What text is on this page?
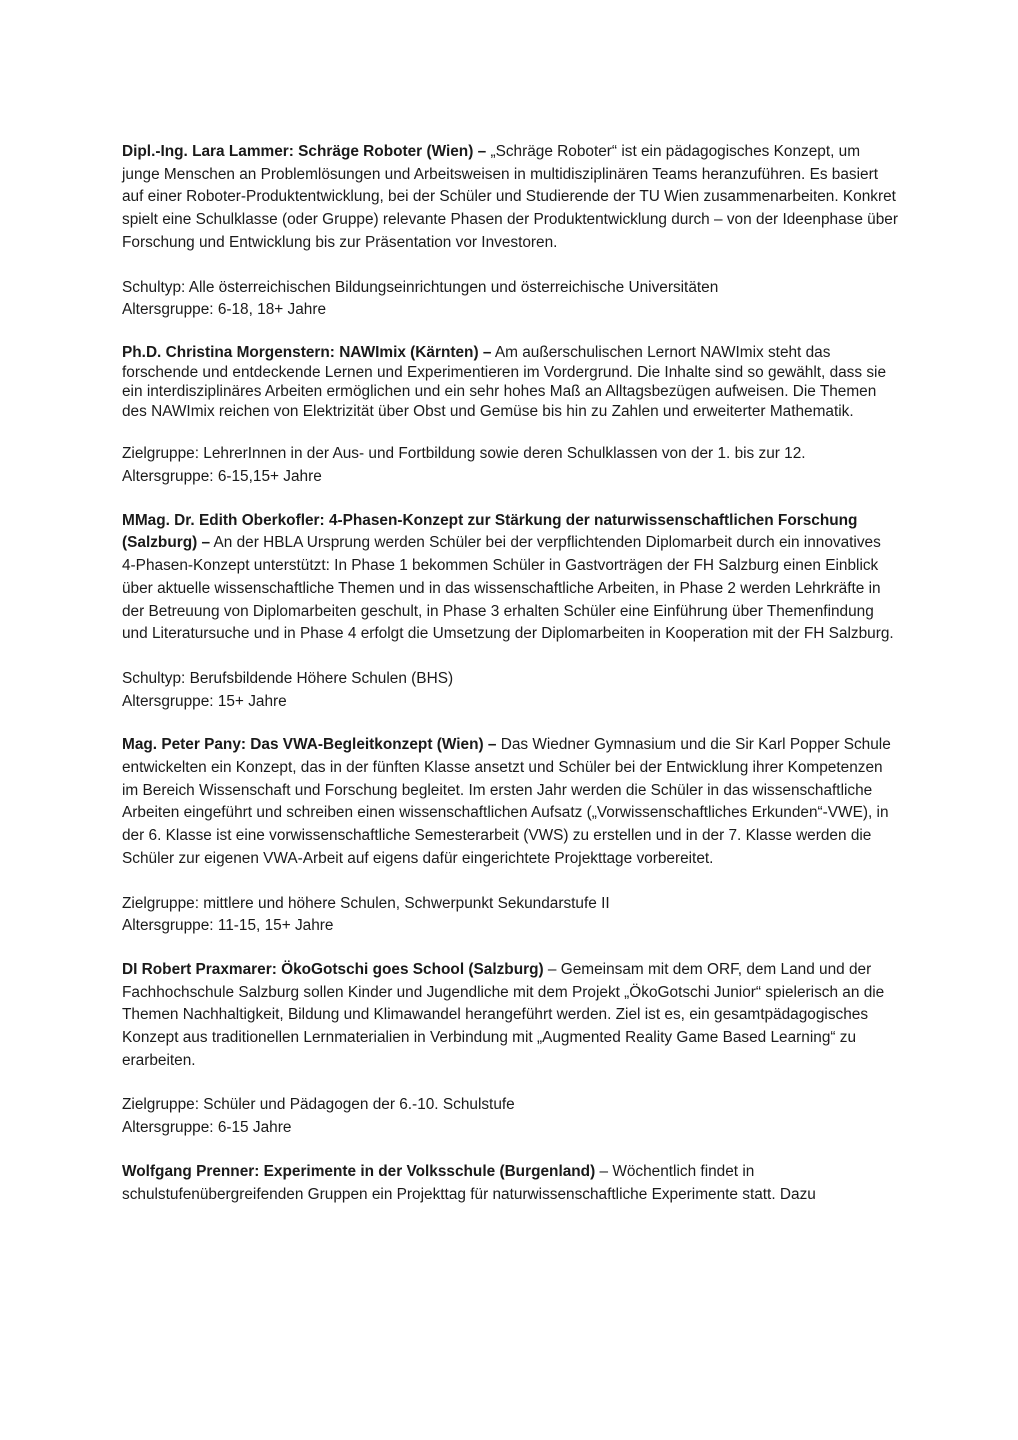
Dipl.-Ing. Lara Lammer: Schräge Roboter (Wien) – „Schräge Roboter“ ist ein pädagogisches Konzept, um junge Menschen an Problemlösungen und Arbeitsweisen in multidisziplinären Teams heranzuführen. Es basiert auf einer Roboter-Produktentwicklung, bei der Schüler und Studierende der TU Wien zusammenarbeiten. Konkret spielt eine Schulklasse (oder Gruppe) relevante Phasen der Produktentwicklung durch – von der Ideenphase über Forschung und Entwicklung bis zur Präsentation vor Investoren.

Schultyp: Alle österreichischen Bildungseinrichtungen und österreichische Universitäten
Altersgruppe: 6-18, 18+ Jahre

Ph.D. Christina Morgenstern: NAWImix (Kärnten) – Am außerschulischen Lernort NAWImix steht das forschende und entdeckende Lernen und Experimentieren im Vordergrund. Die Inhalte sind so gewählt, dass sie ein interdisziplinäres Arbeiten ermöglichen und ein sehr hohes Maß an Alltagsbezügen aufweisen. Die Themen des NAWImix reichen von Elektrizität über Obst und Gemüse bis hin zu Zahlen und erweiterter Mathematik.

Zielgruppe: LehrerInnen in der Aus- und Fortbildung sowie deren Schulklassen von der 1. bis zur 12.
Altersgruppe: 6-15,15+ Jahre

MMag. Dr. Edith Oberkofler: 4-Phasen-Konzept zur Stärkung der naturwissenschaftlichen Forschung (Salzburg) – An der HBLA Ursprung werden Schüler bei der verpflichtenden Diplomarbeit durch ein innovatives 4-Phasen-Konzept unterstützt: In Phase 1 bekommen Schüler in Gastvorträgen der FH Salzburg einen Einblick über aktuelle wissenschaftliche Themen und in das wissenschaftliche Arbeiten, in Phase 2 werden Lehrkräfte in der Betreuung von Diplomarbeiten geschult, in Phase 3 erhalten Schüler eine Einführung über Themenfindung und Literatursuche und in Phase 4 erfolgt die Umsetzung der Diplomarbeiten in Kooperation mit der FH Salzburg.

Schultyp: Berufsbildende Höhere Schulen (BHS)
Altersgruppe: 15+ Jahre

Mag. Peter Pany: Das VWA-Begleitkonzept (Wien) – Das Wiedner Gymnasium und die Sir Karl Popper Schule entwickelten ein Konzept, das in der fünften Klasse ansetzt und Schüler bei der Entwicklung ihrer Kompetenzen im Bereich Wissenschaft und Forschung begleitet. Im ersten Jahr werden die Schüler in das wissenschaftliche Arbeiten eingeführt und schreiben einen wissenschaftlichen Aufsatz („Vorwissenschaftliches Erkunden“-VWE), in der 6. Klasse ist eine vorwissenschaftliche Semesterarbeit (VWS) zu erstellen und in der 7. Klasse werden die Schüler zur eigenen VWA-Arbeit auf eigens dafür eingerichtete Projekttage vorbereitet.

Zielgruppe: mittlere und höhere Schulen, Schwerpunkt Sekundarstufe II
Altersgruppe: 11-15, 15+ Jahre

DI Robert Praxmarer: ÖkoGotschi goes School (Salzburg) – Gemeinsam mit dem ORF, dem Land und der Fachhochschule Salzburg sollen Kinder und Jugendliche mit dem Projekt „ÖkoGotschi Junior“ spielerisch an die Themen Nachhaltigkeit, Bildung und Klimawandel herangeführt werden. Ziel ist es, ein gesamtpädagogisches Konzept aus traditionellen Lernmaterialien in Verbindung mit „Augmented Reality Game Based Learning“ zu erarbeiten.

Zielgruppe: Schüler und Pädagogen der 6.-10. Schulstufe
Altersgruppe: 6-15 Jahre

Wolfgang Prenner: Experimente in der Volksschule (Burgenland) – Wöchentlich findet in schulstufenübergreifenden Gruppen ein Projekttag für naturwissenschaftliche Experimente statt. Dazu
